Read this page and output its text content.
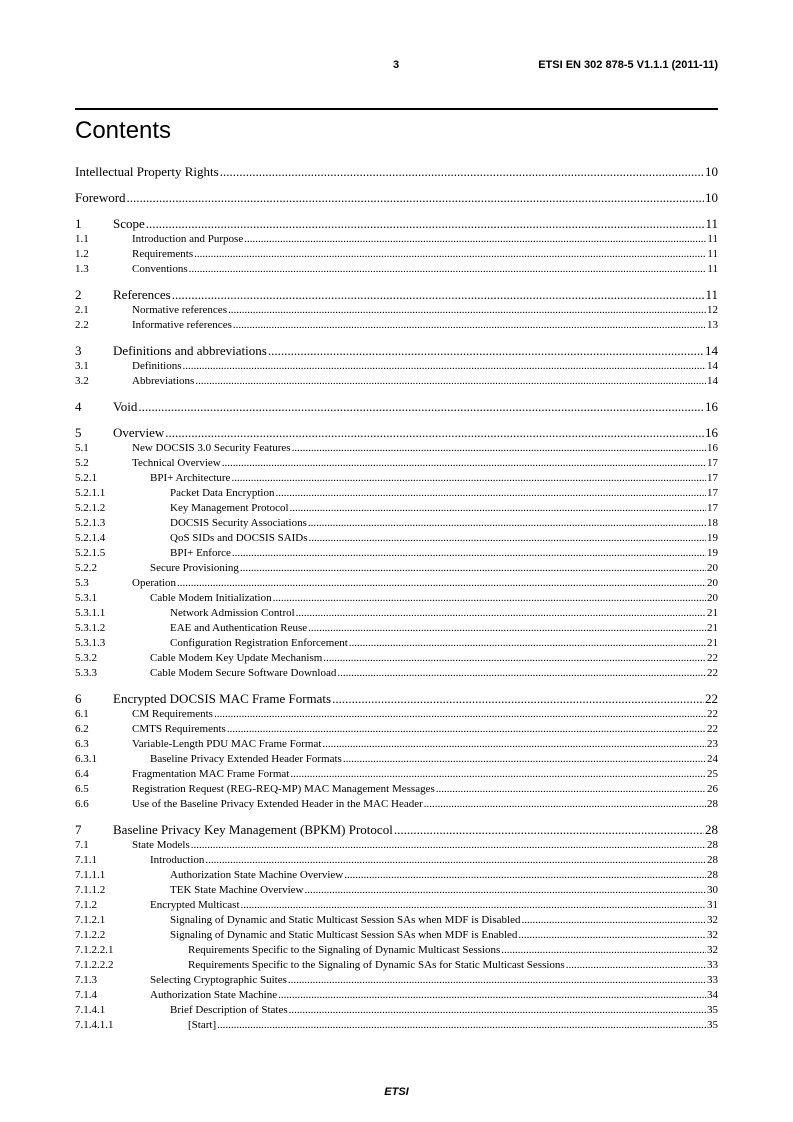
3	ETSI EN 302 878-5 V1.1.1 (2011-11)
Contents
Intellectual Property Rights .....	10
Foreword .....	10
1 Scope .....	11
1.1	Introduction and Purpose .....	11
1.2	Requirements .....	11
1.3	Conventions .....	11
2 References .....	11
2.1	Normative references .....	12
2.2	Informative references .....	13
3 Definitions and abbreviations .....	14
3.1	Definitions .....	14
3.2	Abbreviations .....	14
4 Void .....	16
5 Overview .....	16
5.1	New DOCSIS 3.0 Security Features .....	16
5.2	Technical Overview .....	17
5.2.1	BPI+ Architecture .....	17
5.2.1.1	Packet Data Encryption .....	17
5.2.1.2	Key Management Protocol .....	17
5.2.1.3	DOCSIS Security Associations .....	18
5.2.1.4	QoS SIDs and DOCSIS SAIDs .....	19
5.2.1.5	BPI+ Enforce .....	19
5.2.2	Secure Provisioning .....	20
5.3	Operation .....	20
5.3.1	Cable Modem Initialization .....	20
5.3.1.1	Network Admission Control .....	21
5.3.1.2	EAE and Authentication Reuse .....	21
5.3.1.3	Configuration Registration Enforcement .....	21
5.3.2	Cable Modem Key Update Mechanism .....	22
5.3.3	Cable Modem Secure Software Download .....	22
6 Encrypted DOCSIS MAC Frame Formats .....	22
6.1	CM Requirements .....	22
6.2	CMTS Requirements .....	22
6.3	Variable-Length PDU MAC Frame Format .....	23
6.3.1	Baseline Privacy Extended Header Formats .....	24
6.4	Fragmentation MAC Frame Format .....	25
6.5	Registration Request (REG-REQ-MP) MAC Management Messages .....	26
6.6	Use of the Baseline Privacy Extended Header in the MAC Header .....	28
7 Baseline Privacy Key Management (BPKM) Protocol .....	28
7.1	State Models .....	28
7.1.1	Introduction .....	28
7.1.1.1	Authorization State Machine Overview .....	28
7.1.1.2	TEK State Machine Overview .....	30
7.1.2	Encrypted Multicast .....	31
7.1.2.1	Signaling of Dynamic and Static Multicast Session SAs when MDF is Disabled .....	32
7.1.2.2	Signaling of Dynamic and Static Multicast Session SAs when MDF is Enabled .....	32
7.1.2.2.1	Requirements Specific to the Signaling of Dynamic Multicast Sessions .....	32
7.1.2.2.2	Requirements Specific to the Signaling of Dynamic SAs for Static Multicast Sessions .....	33
7.1.3	Selecting Cryptographic Suites .....	33
7.1.4	Authorization State Machine .....	34
7.1.4.1	Brief Description of States .....	35
7.1.4.1.1	[Start] .....	35
ETSI
